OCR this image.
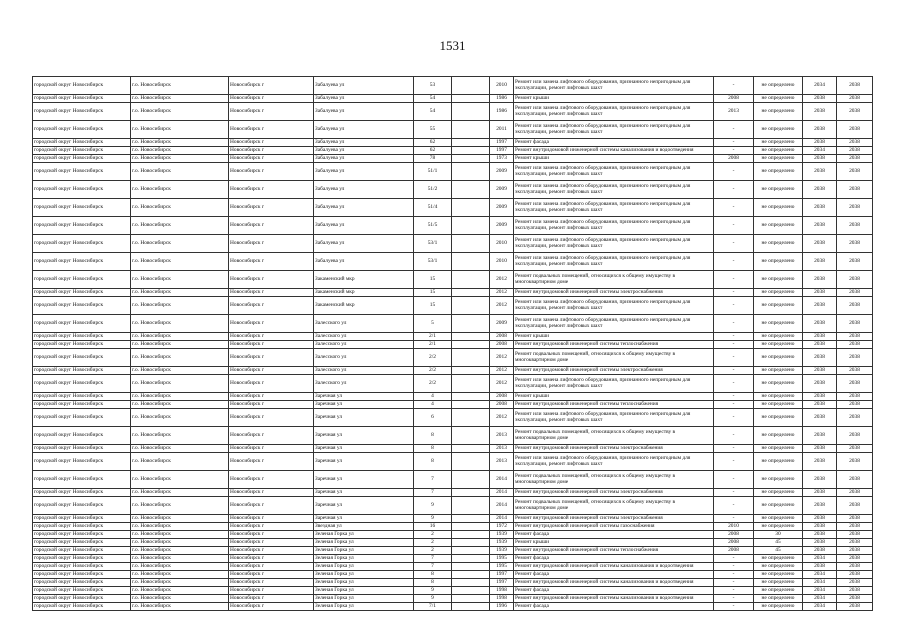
1531
городской округ Новосибирск	г.о. Новосибирск	Новосибирск г	Забалуева ул	53		2010	Ремонт или замена лифтового оборудования, признанного непригодным для эксплуатации, ремонт лифтовых шахт	-	не определено	2034	2038
городской округ Новосибирск	г.о. Новосибирск	Новосибирск г	Забалуева ул	54		1986	Ремонт крыши	2008	не определено	2038	2038
городской округ Новосибирск	г.о. Новосибирск	Новосибирск г	Забалуева ул	54		1986	Ремонт или замена лифтового оборудования, признанного непригодным для эксплуатации, ремонт лифтовых шахт	2013	не определено	2038	2038
городской округ Новосибирск	г.о. Новосибирск	Новосибирск г	Забалуева ул	55		2011	Ремонт или замена лифтового оборудования, признанного непригодным для эксплуатации, ремонт лифтовых шахт	-	не определено	2038	2038
городской округ Новосибирск	г.о. Новосибирск	Новосибирск г	Забалуева ул	62		1997	Ремонт фасада	-	не определено	2038	2038
городской округ Новосибирск	г.о. Новосибирск	Новосибирск г	Забалуева ул	62		1997	Ремонт внутридомовой инженерной системы канализования и водоотведения	-	не определено	2034	2038
городской округ Новосибирск	г.о. Новосибирск	Новосибирск г	Забалуева ул	78		1973	Ремонт крыши	2008	не определено	2038	2038
городской округ Новосибирск	г.о. Новосибирск	Новосибирск г	Забалуева ул	51/1		2009	Ремонт или замена лифтового оборудования, признанного непригодным для эксплуатации, ремонт лифтовых шахт	-	не определено	2038	2038
городской округ Новосибирск	г.о. Новосибирск	Новосибирск г	Забалуева ул	51/2		2009	Ремонт или замена лифтового оборудования, признанного непригодным для эксплуатации, ремонт лифтовых шахт	-	не определено	2038	2038
городской округ Новосибирск	г.о. Новосибирск	Новосибирск г	Забалуева ул	51/4		2009	Ремонт или замена лифтового оборудования, признанного непригодным для эксплуатации, ремонт лифтовых шахт	-	не определено	2038	2038
городской округ Новосибирск	г.о. Новосибирск	Новосибирск г	Забалуева ул	51/5		2009	Ремонт или замена лифтового оборудования, признанного непригодным для эксплуатации, ремонт лифтовых шахт	-	не определено	2038	2038
городской округ Новосибирск	г.о. Новосибирск	Новосибирск г	Забалуева ул	53/1		2010	Ремонт или замена лифтового оборудования, признанного непригодным для эксплуатации, ремонт лифтовых шахт	-	не определено	2038	2038
городской округ Новосибирск	г.о. Новосибирск	Новосибирск г	Забалуева ул	53/1		2010	Ремонт или замена лифтового оборудования, признанного непригодным для эксплуатации, ремонт лифтовых шахт	-	не определено	2038	2038
городской округ Новосибирск	г.о. Новосибирск	Новосибирск г	Закаменский мкр	15		2012	Ремонт подвальных помещений, относящихся к общему имуществу в многоквартирном доме	-	не определено	2038	2038
городской округ Новосибирск	г.о. Новосибирск	Новосибирск г	Закаменский мкр	15		2012	Ремонт внутридомовой инженерной системы электроснабжения	-	не определено	2038	2038
городской округ Новосибирск	г.о. Новосибирск	Новосибирск г	Закаменский мкр	15		2012	Ремонт или замена лифтового оборудования, признанного непригодным для эксплуатации, ремонт лифтовых шахт	-	не определено	2038	2038
городской округ Новосибирск	г.о. Новосибирск	Новосибирск г	Залесского ул	5		2009	Ремонт или замена лифтового оборудования, признанного непригодным для эксплуатации, ремонт лифтовых шахт	-	не определено	2038	2038
городской округ Новосибирск	г.о. Новосибирск	Новосибирск г	Залесского ул	2/1		2008	Ремонт крыши	-	не определено	2038	2038
городской округ Новосибирск	г.о. Новосибирск	Новосибирск г	Залесского ул	2/1		2008	Ремонт внутридомовой инженерной системы теплоснабжения	-	не определено	2038	2038
городской округ Новосибирск	г.о. Новосибирск	Новосибирск г	Залесского ул	2/2		2012	Ремонт подвальных помещений, относящихся к общему имуществу в многоквартирном доме	-	не определено	2038	2038
городской округ Новосибирск	г.о. Новосибирск	Новосибирск г	Залесского ул	2/2		2012	Ремонт внутридомовой инженерной системы электроснабжения	-	не определено	2038	2038
городской округ Новосибирск	г.о. Новосибирск	Новосибирск г	Залесского ул	2/2		2012	Ремонт или замена лифтового оборудования, признанного непригодным для эксплуатации, ремонт лифтовых шахт	-	не определено	2038	2038
городской округ Новосибирск	г.о. Новосибирск	Новосибирск г	Заречная ул	4		2008	Ремонт крыши	-	не определено	2038	2038
городской округ Новосибирск	г.о. Новосибирск	Новосибирск г	Заречная ул	4		2008	Ремонт внутридомовой инженерной системы теплоснабжения	-	не определено	2038	2038
городской округ Новосибирск	г.о. Новосибирск	Новосибирск г	Заречная ул	6		2012	Ремонт или замена лифтового оборудования, признанного непригодным для эксплуатации, ремонт лифтовых шахт	-	не определено	2038	2038
городской округ Новосибирск	г.о. Новосибирск	Новосибирск г	Заречная ул	8		2013	Ремонт подвальных помещений, относящихся к общему имуществу в многоквартирном доме	-	не определено	2038	2038
городской округ Новосибирск	г.о. Новосибирск	Новосибирск г	Заречная ул	8		2013	Ремонт внутридомовой инженерной системы электроснабжения	-	не определено	2038	2038
городской округ Новосибирск	г.о. Новосибирск	Новосибирск г	Заречная ул	8		2013	Ремонт или замена лифтового оборудования, признанного непригодным для эксплуатации, ремонт лифтовых шахт	-	не определено	2038	2038
городской округ Новосибирск	г.о. Новосибирск	Новосибирск г	Заречная ул	7		2014	Ремонт подвальных помещений, относящихся к общему имуществу в многоквартирном доме	-	не определено	2038	2038
городской округ Новосибирск	г.о. Новосибирск	Новосибирск г	Заречная ул	7		2014	Ремонт внутридомовой инженерной системы электроснабжения	-	не определено	2038	2038
городской округ Новосибирск	г.о. Новосибирск	Новосибирск г	Заречная ул	9		2014	Ремонт подвальных помещений, относящихся к общему имуществу в многоквартирном доме	-	не определено	2038	2038
городской округ Новосибирск	г.о. Новосибирск	Новосибирск г	Заречная ул	9		2014	Ремонт внутридомовой инженерной системы электроснабжения	-	не определено	2038	2038
городской округ Новосибирск	г.о. Новосибирск	Новосибирск г	Звездная ул	16		1972	Ремонт внутридомовой инженерной системы газоснабжения	2010	не определено	2038	2038
городской округ Новосибирск	г.о. Новосибирск	Новосибирск г	Зеленая Горка ул	2		1939	Ремонт фасада	2008	30	2038	2038
городской округ Новосибирск	г.о. Новосибирск	Новосибирск г	Зеленая Горка ул	2		1939	Ремонт крыши	2008	45	2038	2038
городской округ Новосибирск	г.о. Новосибирск	Новосибирск г	Зеленая Горка ул	2		1939	Ремонт внутридомовой инженерной системы теплоснабжения	2008	45	2038	2038
городской округ Новосибирск	г.о. Новосибирск	Новосибирск г	Зеленая Горка ул	7		1995	Ремонт фасада	-	не определено	2034	2038
городской округ Новосибирск	г.о. Новосибирск	Новосибирск г	Зеленая Горка ул	7		1995	Ремонт внутридомовой инженерной системы канализования и водоотведения	-	не определено	2038	2038
городской округ Новосибирск	г.о. Новосибирск	Новосибирск г	Зеленая Горка ул	8		1997	Ремонт фасада	-	не определено	2034	2038
городской округ Новосибирск	г.о. Новосибирск	Новосибирск г	Зеленая Горка ул	8		1997	Ремонт внутридомовой инженерной системы канализования и водоотведения	-	не определено	2034	2038
городской округ Новосибирск	г.о. Новосибирск	Новосибирск г	Зеленая Горка ул	9		1998	Ремонт фасада	-	не определено	2034	2038
городской округ Новосибирск	г.о. Новосибирск	Новосибирск г	Зеленая Горка ул	9		1998	Ремонт внутридомовой инженерной системы канализования и водоотведения	-	не определено	2034	2038
городской округ Новосибирск	г.о. Новосибирск	Новосибирск г	Зеленая Горка ул	7/1		1996	Ремонт фасада	-	не определено	2034	2038
